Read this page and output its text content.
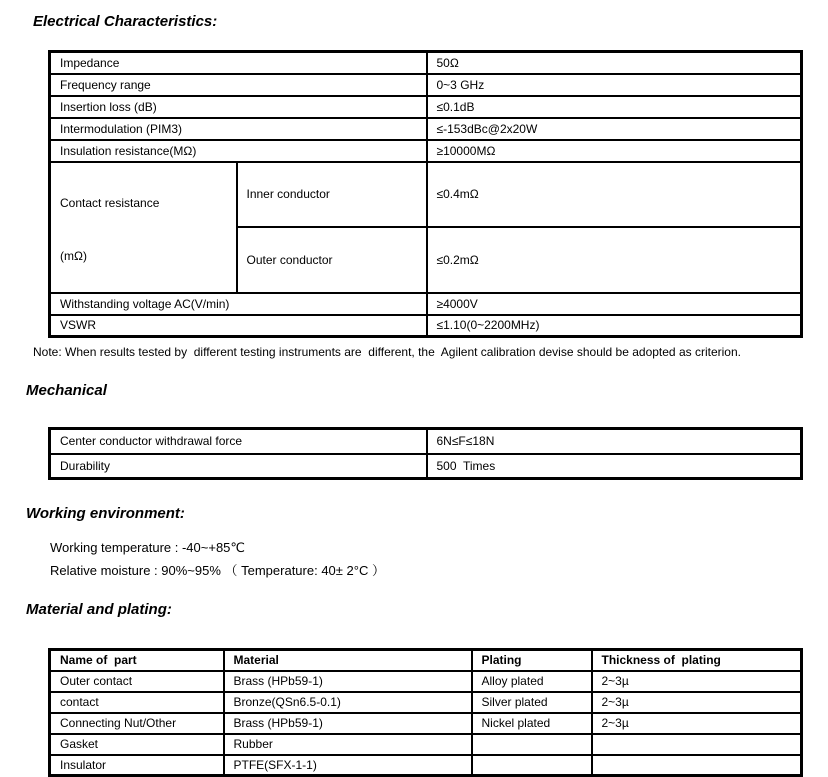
Electrical Characteristics:
Impedance		50Ω
Frequency range		0~3 GHz
Insertion loss (dB)		≤0.1dB
Intermodulation (PIM3)		≤-153dBc@2x20W
Insulation resistance(MΩ)		≥10000MΩ

Contact resistance

(mΩ)	Inner conductor	≤0.4mΩ
	Outer conductor	≤0.2mΩ
Withstanding voltage AC(V/min)		≥4000V
VSWR		≤1.10(0~2200MHz)
Note: When results tested by  different testing instruments are  different, the  Agilent calibration devise should be adopted as criterion.
Mechanical
Center conductor withdrawal force	6N≤F≤18N
Durability	500  Times
Working environment:
Working temperature : -40~+85℃
Relative moisture : 90%~95% （ Temperature: 40± 2°C ）
Material and plating:
Name of  part	Material	Plating	Thickness of  plating
Outer contact	Brass (HPb59-1)	Alloy plated	2~3µ
contact	Bronze(QSn6.5-0.1)	Silver plated	2~3µ
Connecting Nut/Other	Brass (HPb59-1)	Nickel plated	2~3µ
Gasket	Rubber		
Insulator	PTFE(SFX-1-1)		
